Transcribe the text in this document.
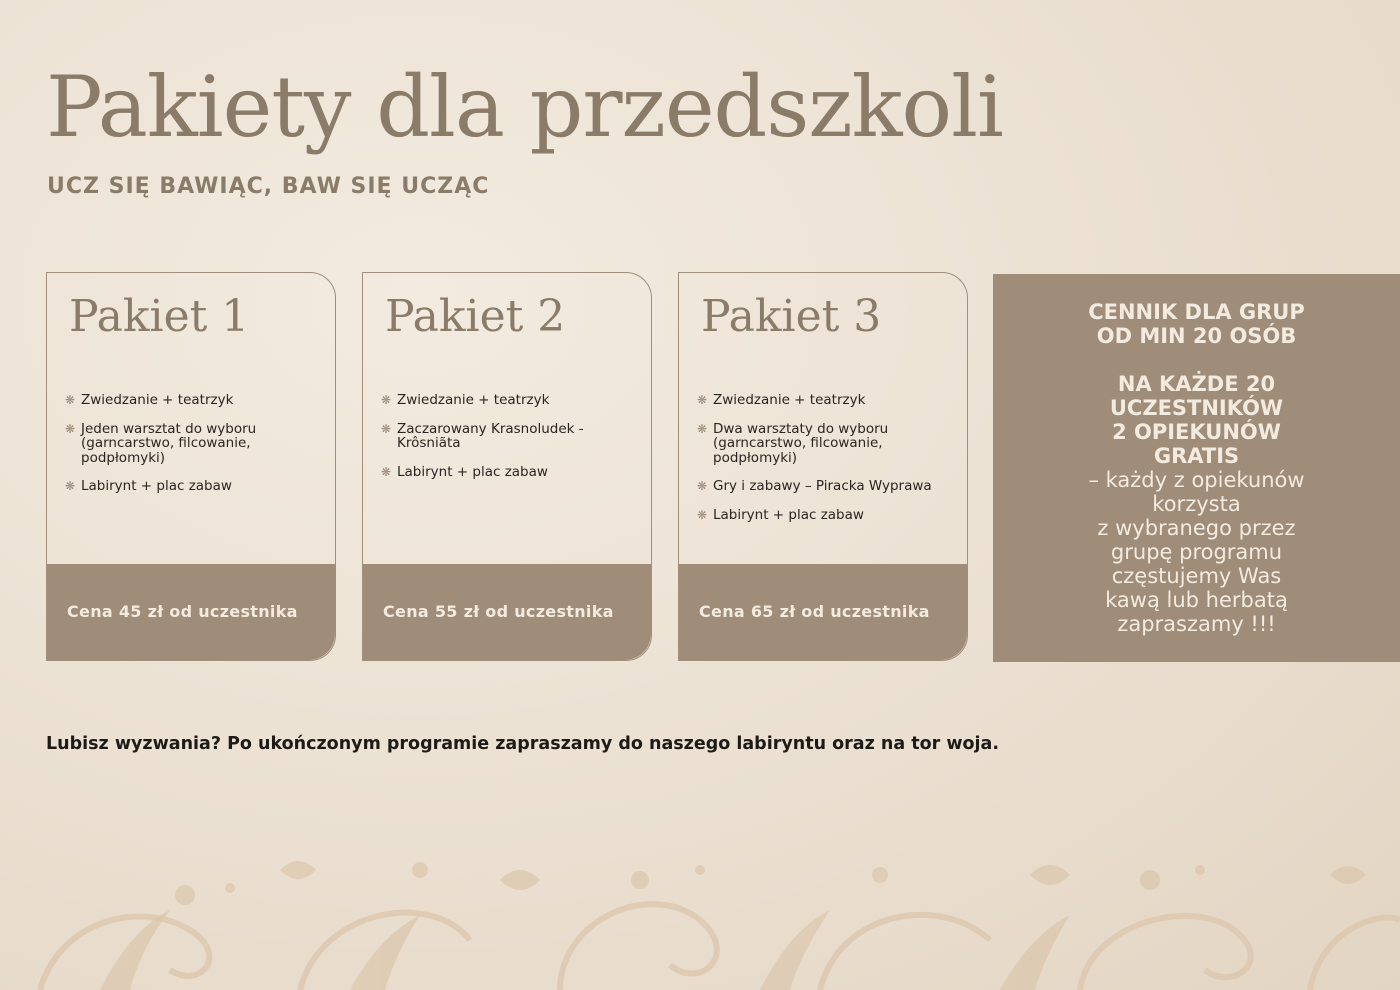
Pakiety dla przedszkoli

UCZ SIĘ BAWIĄC, BAW SIĘ UCZĄC

Pakiet 1
❋ Zwiedzanie + teatrzyk
❋ Jeden warsztat do wyboru (garncarstwo, filcowanie, podpłomyki)
❋ Labirynt + plac zabaw
Cena 45 zł od uczestnika
Pakiet 2
❋ Zwiedzanie + teatrzyk
❋ Zaczarowany Krasnoludek - Krôsniãta
❋ Labirynt + plac zabaw
Cena 55 zł od uczestnika
Pakiet 3
❋ Zwiedzanie + teatrzyk
❋ Dwa warsztaty do wyboru (garncarstwo, filcowanie, podpłomyki)
❋ Gry i zabawy – Piracka Wyprawa
❋ Labirynt + plac zabaw
Cena 65 zł od uczestnika

CENNIK DLA GRUP

OD MIN 20 OSÓB

NA KAŻDE 20

UCZESTNIKÓW

2 OPIEKUNÓW

GRATIS

– każdy z opiekunów

korzysta

z wybranego przez

grupę programu

częstujemy Was

kawą lub herbatą

zapraszamy !!!

Lubisz wyzwania? Po ukończonym programie zapraszamy do naszego labiryntu oraz na tor woja.
